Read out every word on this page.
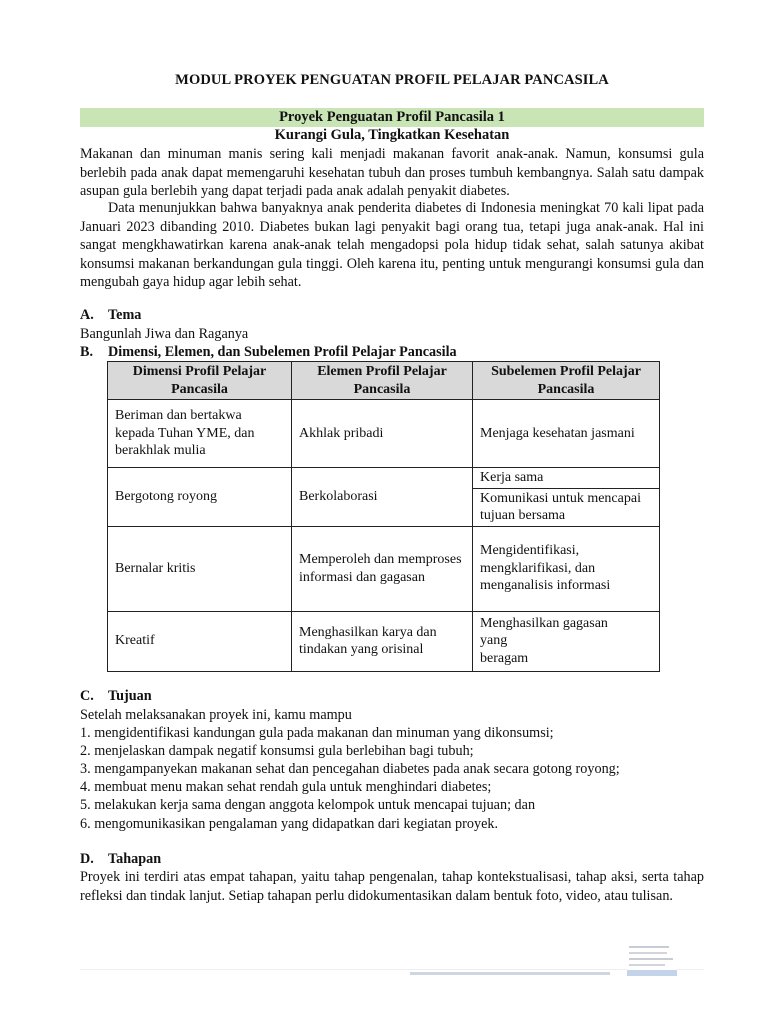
MODUL PROYEK PENGUATAN PROFIL PELAJAR PANCASILA
Proyek Penguatan Profil Pancasila 1
Kurangi Gula, Tingkatkan Kesehatan
Makanan dan minuman manis sering kali menjadi makanan favorit anak-anak. Namun, konsumsi gula berlebih pada anak dapat memengaruhi kesehatan tubuh dan proses tumbuh kembangnya. Salah satu dampak asupan gula berlebih yang dapat terjadi pada anak adalah penyakit diabetes.
Data menunjukkan bahwa banyaknya anak penderita diabetes di Indonesia meningkat 70 kali lipat pada Januari 2023 dibanding 2010. Diabetes bukan lagi penyakit bagi orang tua, tetapi juga anak-anak. Hal ini sangat mengkhawatirkan karena anak-anak telah mengadopsi pola hidup tidak sehat, salah satunya akibat konsumsi makanan berkandungan gula tinggi. Oleh karena itu, penting untuk mengurangi konsumsi gula dan mengubah gaya hidup agar lebih sehat.
A. Tema
Bangunlah Jiwa dan Raganya
B. Dimensi, Elemen, dan Subelemen Profil Pelajar Pancasila
Dimensi Profil Pelajar Pancasila	Elemen Profil Pelajar Pancasila	Subelemen Profil Pelajar Pancasila
Beriman dan bertakwa kepada Tuhan YME, dan berakhlak mulia	Akhlak pribadi	Menjaga kesehatan jasmani
Bergotong royong	Berkolaborasi	Kerja sama
		Komunikasi untuk mencapai tujuan bersama
Bernalar kritis	Memperoleh dan memproses informasi dan gagasan	Mengidentifikasi, mengklarifikasi, dan menganalisis informasi
Kreatif	Menghasilkan karya dan tindakan yang orisinal	Menghasilkan gagasan
yang
beragam
C. Tujuan
Setelah melaksanakan proyek ini, kamu mampu
1. mengidentifikasi kandungan gula pada makanan dan minuman yang dikonsumsi;
2. menjelaskan dampak negatif konsumsi gula berlebihan bagi tubuh;
3. mengampanyekan makanan sehat dan pencegahan diabetes pada anak secara gotong royong;
4. membuat menu makan sehat rendah gula untuk menghindari diabetes;
5. melakukan kerja sama dengan anggota kelompok untuk mencapai tujuan; dan
6. mengomunikasikan pengalaman yang didapatkan dari kegiatan proyek.
D. Tahapan
Proyek ini terdiri atas empat tahapan, yaitu tahap pengenalan, tahap kontekstualisasi, tahap aksi, serta tahap refleksi dan tindak lanjut. Setiap tahapan perlu didokumentasikan dalam bentuk foto, video, atau tulisan.
